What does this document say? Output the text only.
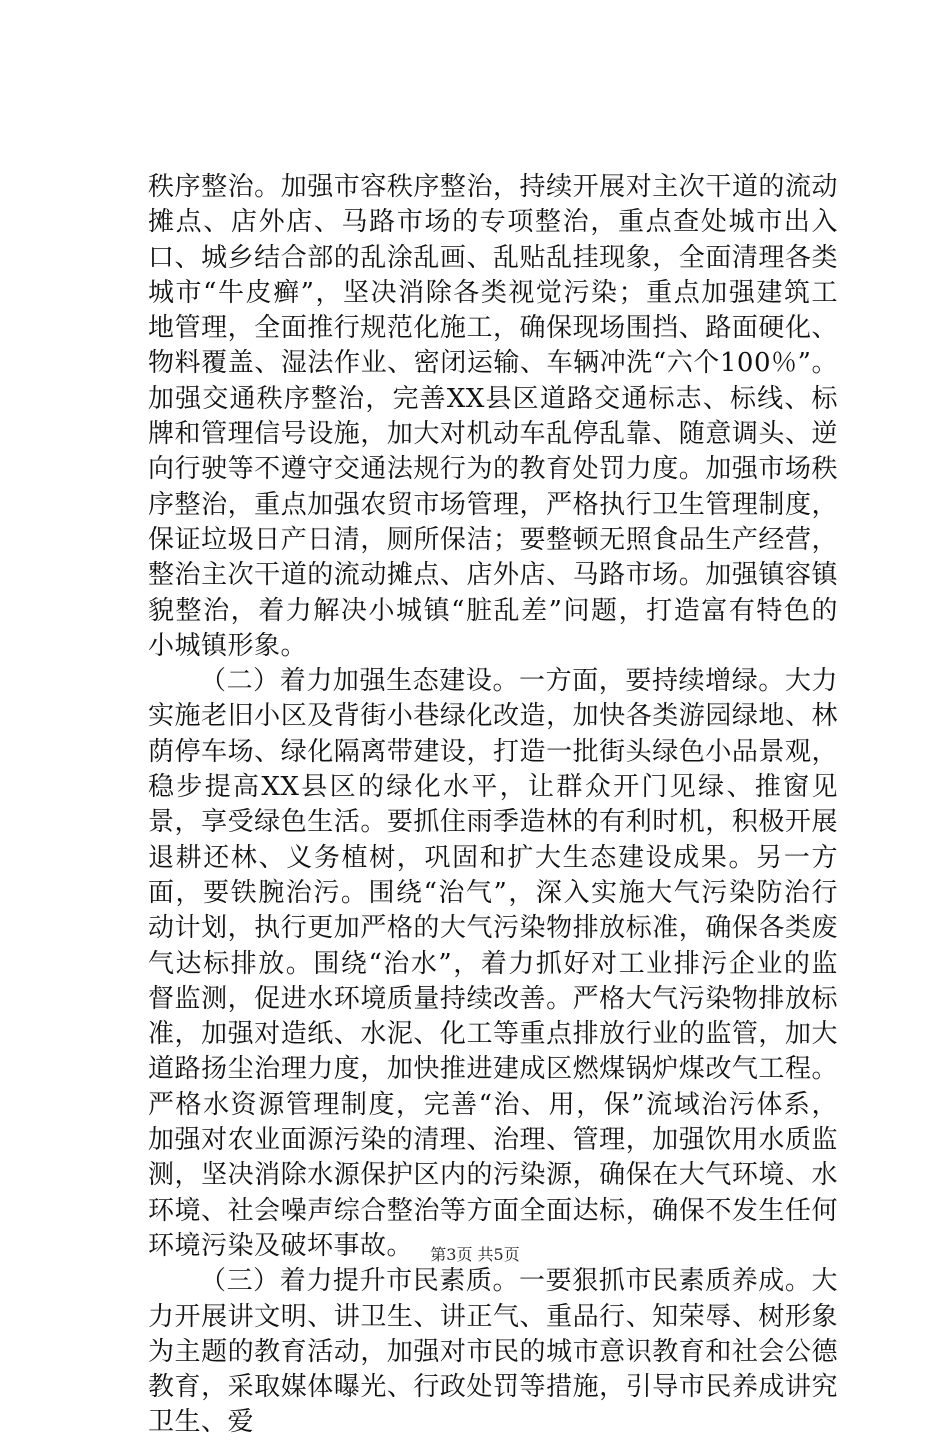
秩序整治。加强市容秩序整治，持续开展对主次干道的流动摊点、店外店、马路市场的专项整治，重点查处城市出入口、城乡结合部的乱涂乱画、乱贴乱挂现象，全面清理各类城市“牛皮癣”，坚决消除各类视觉污染；重点加强建筑工地管理，全面推行规范化施工，确保现场围挡、路面硬化、物料覆盖、湿法作业、密闭运输、车辆冲洗“六个100％”。加强交通秩序整治，完善XX县区道路交通标志、标线、标牌和管理信号设施，加大对机动车乱停乱靠、随意调头、逆向行驶等不遵守交通法规行为的教育处罚力度。加强市场秩序整治，重点加强农贸市场管理，严格执行卫生管理制度，保证垃圾日产日清，厕所保洁；要整顿无照食品生产经营，整治主次干道的流动摊点、店外店、马路市场。加强镇容镇貌整治，着力解决小城镇“脏乱差”问题，打造富有特色的小城镇形象。

（二）着力加强生态建设。一方面，要持续增绿。大力实施老旧小区及背街小巷绿化改造，加快各类游园绿地、林荫停车场、绿化隔离带建设，打造一批街头绿色小品景观，稳步提高XX县区的绿化水平，让群众开门见绿、推窗见景，享受绿色生活。要抓住雨季造林的有利时机，积极开展退耕还林、义务植树，巩固和扩大生态建设成果。另一方面，要铁腕治污。围绕“治气”，深入实施大气污染防治行动计划，执行更加严格的大气污染物排放标准，确保各类废气达标排放。围绕“治水”，着力抓好对工业排污企业的监督监测，促进水环境质量持续改善。严格大气污染物排放标准，加强对造纸、水泥、化工等重点排放行业的监管，加大道路扬尘治理力度，加快推进建成区燃煤锅炉煤改气工程。严格水资源管理制度，完善“治、用，保”流域治污体系，加强对农业面源污染的清理、治理、管理，加强饮用水质监测，坚决消除水源保护区内的污染源，确保在大气环境、水环境、社会噪声综合整治等方面全面达标，确保不发生任何环境污染及破坏事故。

（三）着力提升市民素质。一要狠抓市民素质养成。大力开展讲文明、讲卫生、讲正气、重品行、知荣辱、树形象为主题的教育活动，加强对市民的城市意识教育和社会公德教育，采取媒体曝光、行政处罚等措施，引导市民养成讲究卫生、爱

第3页 共5页
